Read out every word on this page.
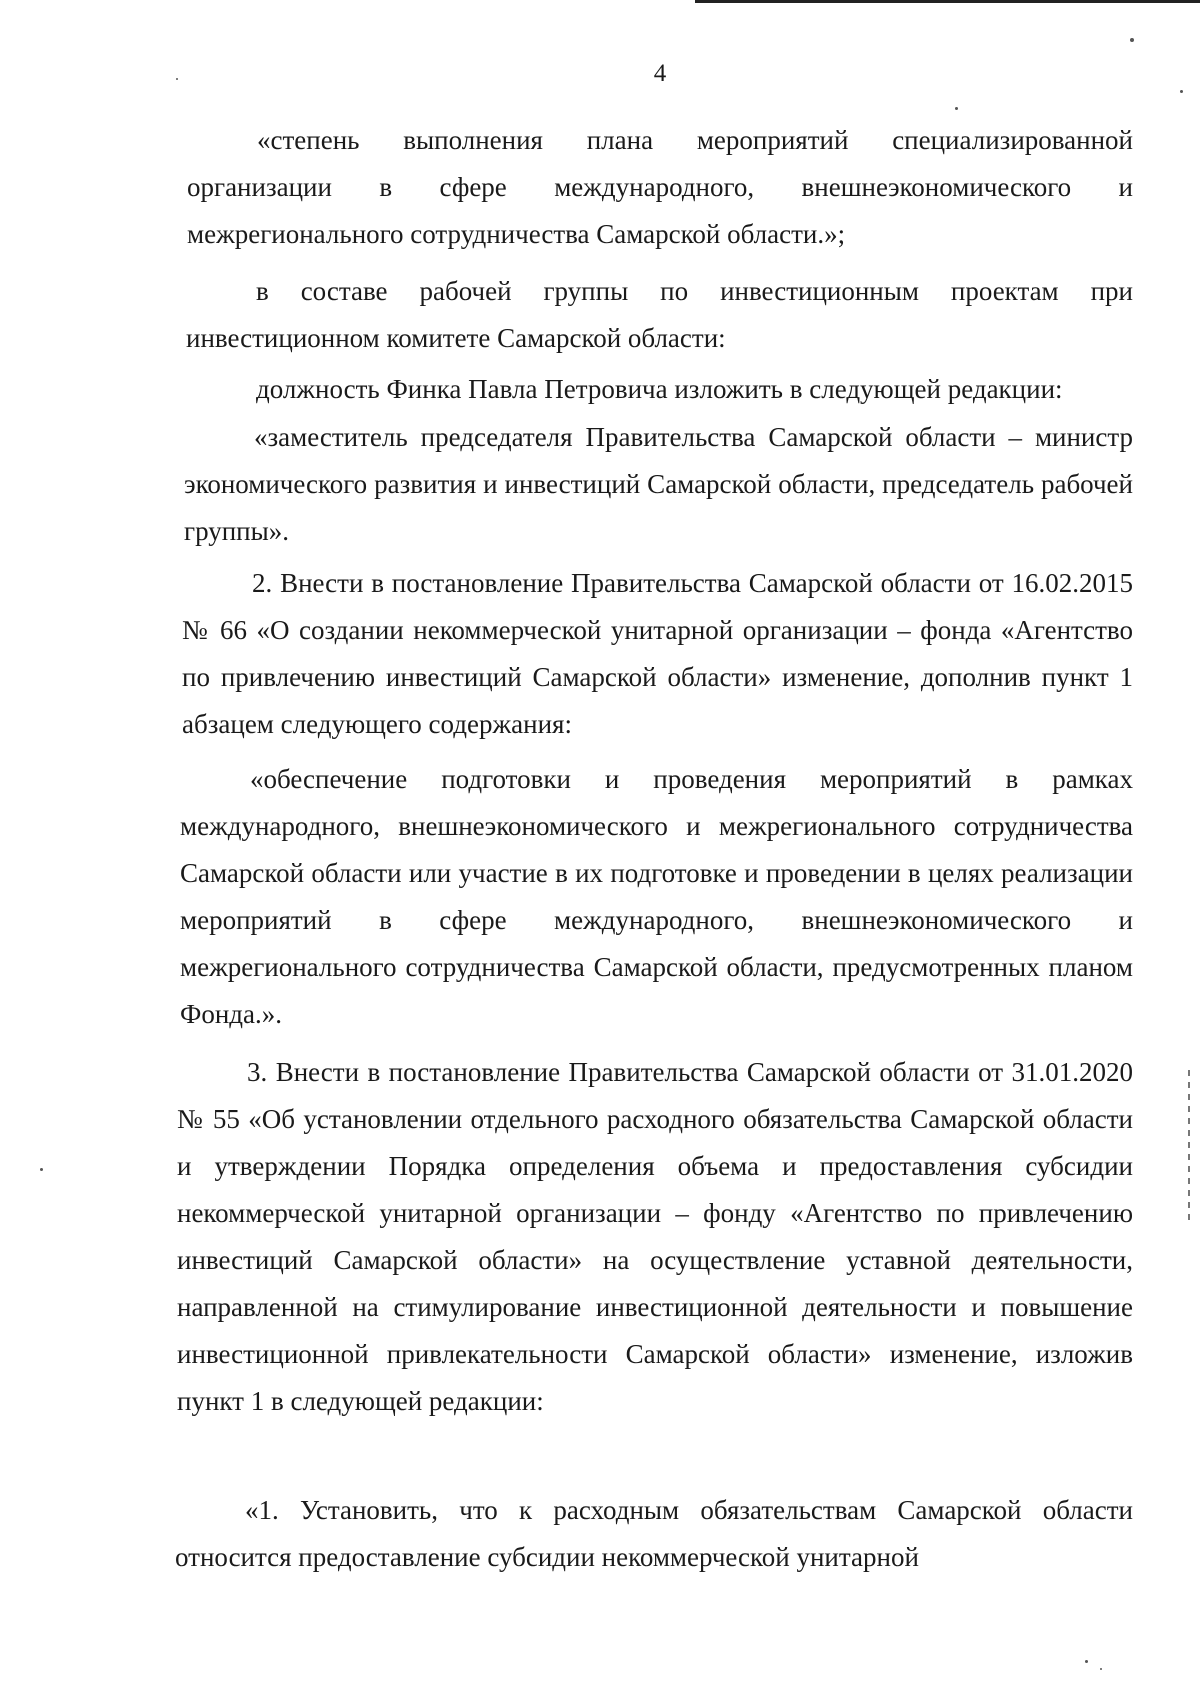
4

«степень выполнения плана мероприятий специализированной организации в сфере международного, внешнеэкономического и межрегионального сотрудничества Самарской области.»;

в составе рабочей группы по инвестиционным проектам при инвестиционном комитете Самарской области:

должность Финка Павла Петровича изложить в следующей редакции:

«заместитель председателя Правительства Самарской области – министр экономического развития и инвестиций Самарской области, председатель рабочей группы».

2. Внести в постановление Правительства Самарской области от 16.02.2015 № 66 «О создании некоммерческой унитарной организации – фонда «Агентство по привлечению инвестиций Самарской области» изменение, дополнив пункт 1 абзацем следующего содержания:

«обеспечение подготовки и проведения мероприятий в рамках международного, внешнеэкономического и межрегионального сотрудничества Самарской области или участие в их подготовке и проведении в целях реализации мероприятий в сфере международного, внешнеэкономического и межрегионального сотрудничества Самарской области, предусмотренных планом Фонда.».

3. Внести в постановление Правительства Самарской области от 31.01.2020 № 55 «Об установлении отдельного расходного обязательства Самарской области и утверждении Порядка определения объема и предоставления субсидии некоммерческой унитарной организации – фонду «Агентство по привлечению инвестиций Самарской области» на осуществление уставной деятельности, направленной на стимулирование инвестиционной деятельности и повышение инвестиционной привлекательности Самарской области» изменение, изложив пункт 1 в следующей редакции:

«1. Установить, что к расходным обязательствам Самарской области относится предоставление субсидии некоммерческой унитарной
